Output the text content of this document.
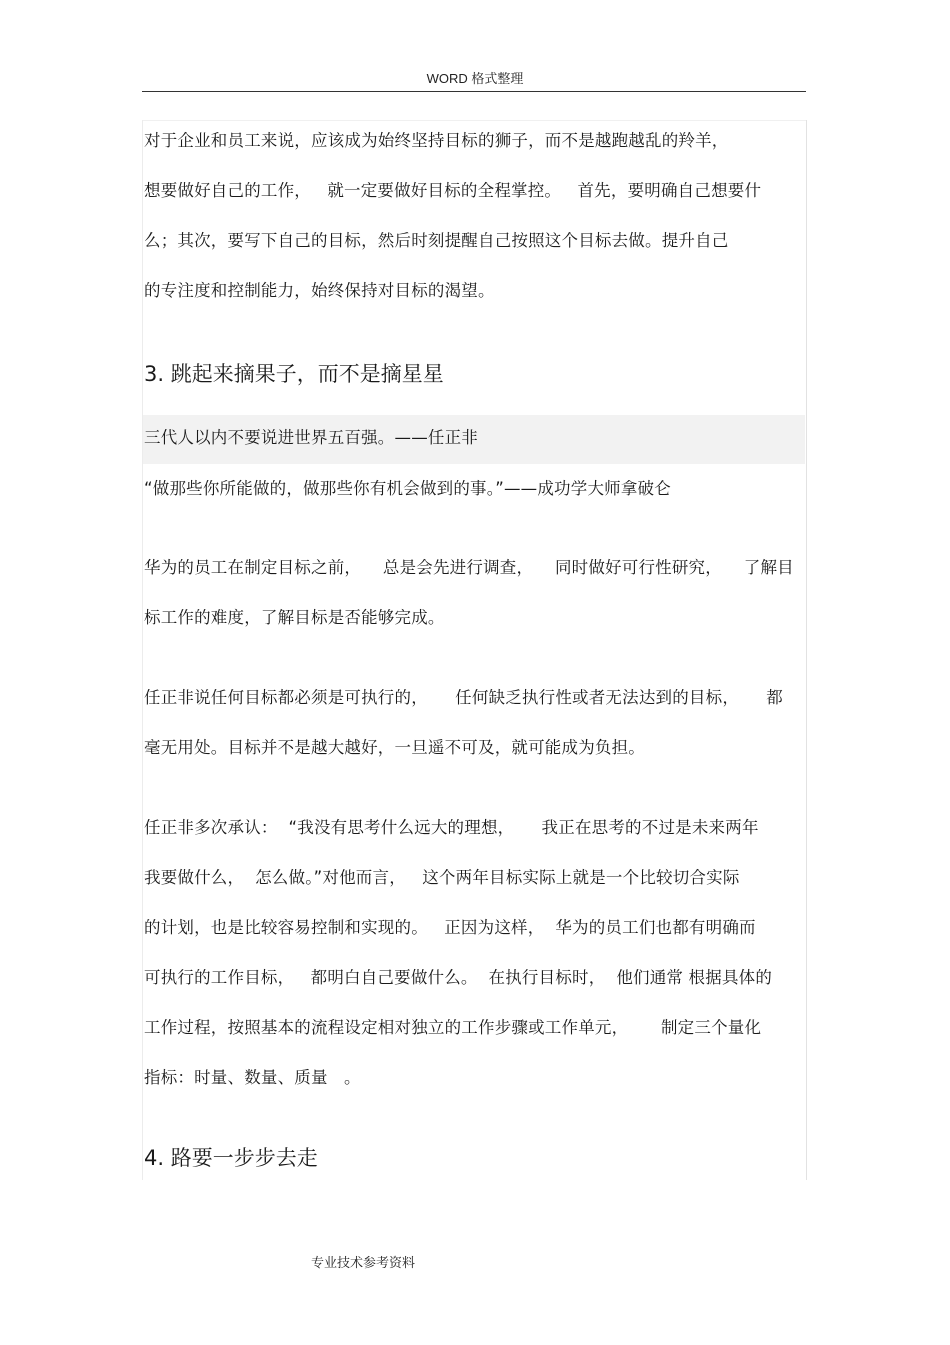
WORD 格式整理
对于企业和员工来说，应该成为始终坚持目标的狮子，而不是越跑越乱的羚羊，
想要做好自己的工作，   就一定要做好目标的全程掌控。   首先，要明确自己想要什
么；其次，要写下自己的目标，然后时刻提醒自己按照这个目标去做。提升自己
的专注度和控制能力，始终保持对目标的渴望。
3. 跳起来摘果子，而不是摘星星
三代人以内不要说进世界五百强。——任正非
“做那些你所能做的，做那些你有机会做到的事。”——成功学大师拿破仑
华为的员工在制定目标之前，    总是会先进行调查，    同时做好可行性研究，    了解目
标工作的难度，了解目标是否能够完成。
任正非说任何目标都必须是可执行的，     任何缺乏执行性或者无法达到的目标，     都
毫无用处。目标并不是越大越好，一旦遥不可及，就可能成为负担。
任正非多次承认：  “我没有思考什么远大的理想，     我正在思考的不过是未来两年
我要做什么，  怎么做。”对他而言，   这个两年目标实际上就是一个比较切合实际
的计划，也是比较容易控制和实现的。   正因为这样，  华为的员工们也都有明确而
可执行的工作目标，   都明白自己要做什么。  在执行目标时，  他们通常 根据具体的
工作过程，按照基本的流程设定相对独立的工作步骤或工作单元，      制定三个量化
指标：时量、数量、质量   。
4. 路要一步步去走
专业技术参考资料
